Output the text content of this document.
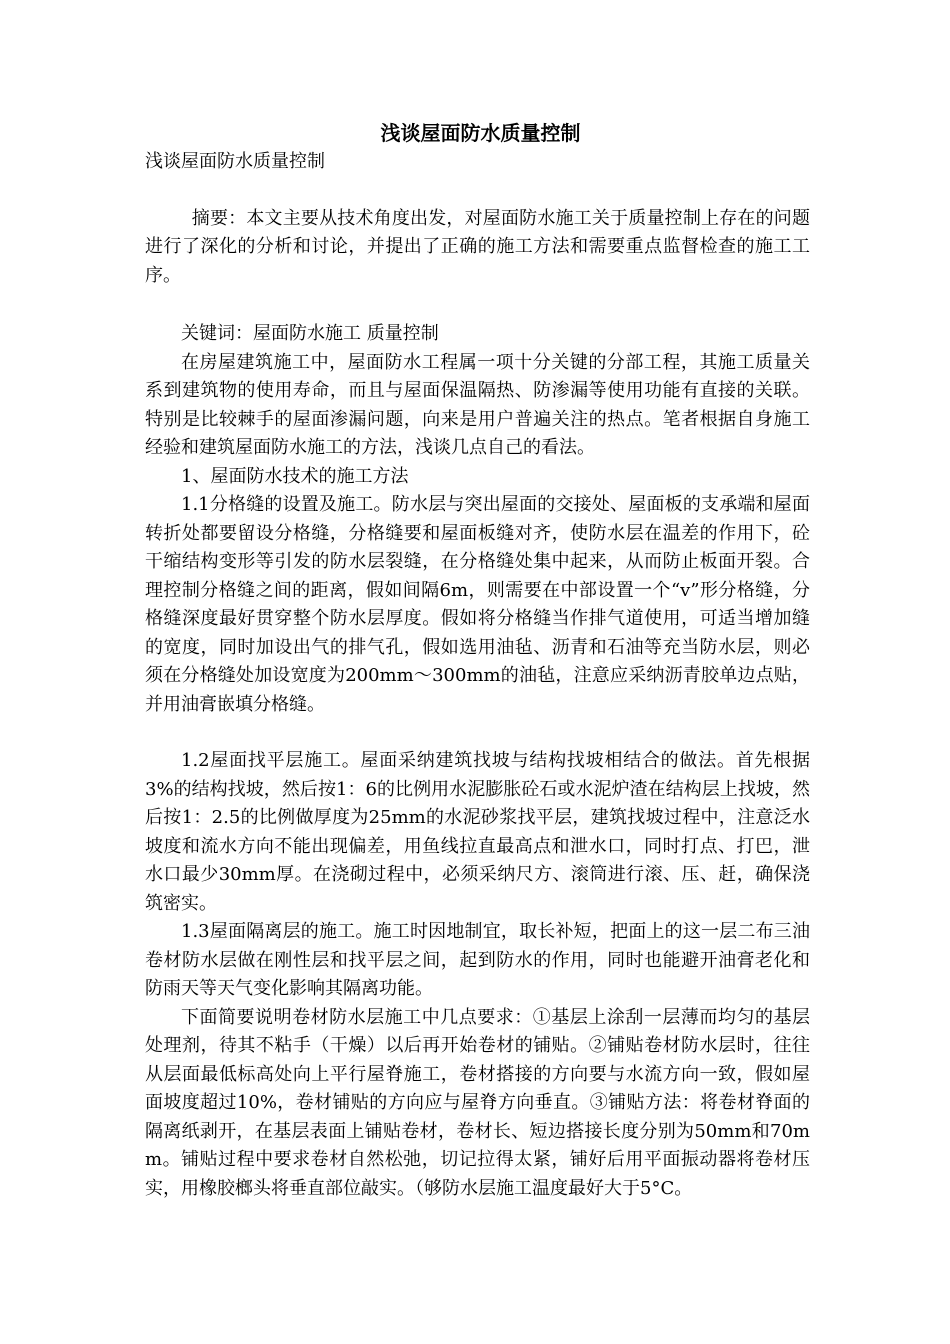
浅谈屋面防水质量控制

浅谈屋面防水质量控制

摘要：本文主要从技术角度出发，对屋面防水施工关于质量控制上存在的问题进行了深化的分析和讨论，并提出了正确的施工方法和需要重点监督检查的施工工序。

关键词：屋面防水施工 质量控制

在房屋建筑施工中，屋面防水工程属一项十分关键的分部工程，其施工质量关系到建筑物的使用寿命，而且与屋面保温隔热、防渗漏等使用功能有直接的关联。特别是比较棘手的屋面渗漏问题，向来是用户普遍关注的热点。笔者根据自身施工经验和建筑屋面防水施工的方法，浅谈几点自己的看法。

1、屋面防水技术的施工方法

1.1分格缝的设置及施工。防水层与突出屋面的交接处、屋面板的支承端和屋面转折处都要留设分格缝，分格缝要和屋面板缝对齐，使防水层在温差的作用下，砼干缩结构变形等引发的防水层裂缝，在分格缝处集中起来，从而防止板面开裂。合理控制分格缝之间的距离，假如间隔6m，则需要在中部设置一个“v”形分格缝，分格缝深度最好贯穿整个防水层厚度。假如将分格缝当作排气道使用，可适当增加缝的宽度，同时加设出气的排气孔，假如选用油毡、沥青和石油等充当防水层，则必须在分格缝处加设宽度为200mm～300mm的油毡，注意应采纳沥青胶单边点贴，并用油膏嵌填分格缝。

1.2屋面找平层施工。屋面采纳建筑找坡与结构找坡相结合的做法。首先根据3%的结构找坡，然后按1：6的比例用水泥膨胀砼石或水泥炉渣在结构层上找坡，然后按1：2.5的比例做厚度为25mm的水泥砂浆找平层，建筑找坡过程中，注意泛水坡度和流水方向不能出现偏差，用鱼线拉直最高点和泄水口，同时打点、打巴，泄水口最少30mm厚。在浇砌过程中，必须采纳尺方、滚筒进行滚、压、赶，确保浇筑密实。

1.3屋面隔离层的施工。施工时因地制宜，取长补短，把面上的这一层二布三油卷材防水层做在刚性层和找平层之间，起到防水的作用，同时也能避开油膏老化和防雨天等天气变化影响其隔离功能。

下面简要说明卷材防水层施工中几点要求：①基层上涂刮一层薄而均匀的基层处理剂，待其不粘手（干燥）以后再开始卷材的铺贴。②铺贴卷材防水层时，往往从层面最低标高处向上平行屋脊施工，卷材搭接的方向要与水流方向一致，假如屋面坡度超过10%，卷材铺贴的方向应与屋脊方向垂直。③铺贴方法：将卷材脊面的隔离纸剥开，在基层表面上铺贴卷材，卷材长、短边搭接长度分别为50mm和70mm。铺贴过程中要求卷材自然松弛，切记拉得太紧，铺好后用平面振动器将卷材压实，用橡胶榔头将垂直部位敲实。（够防水层施工温度最好大于5°C。
